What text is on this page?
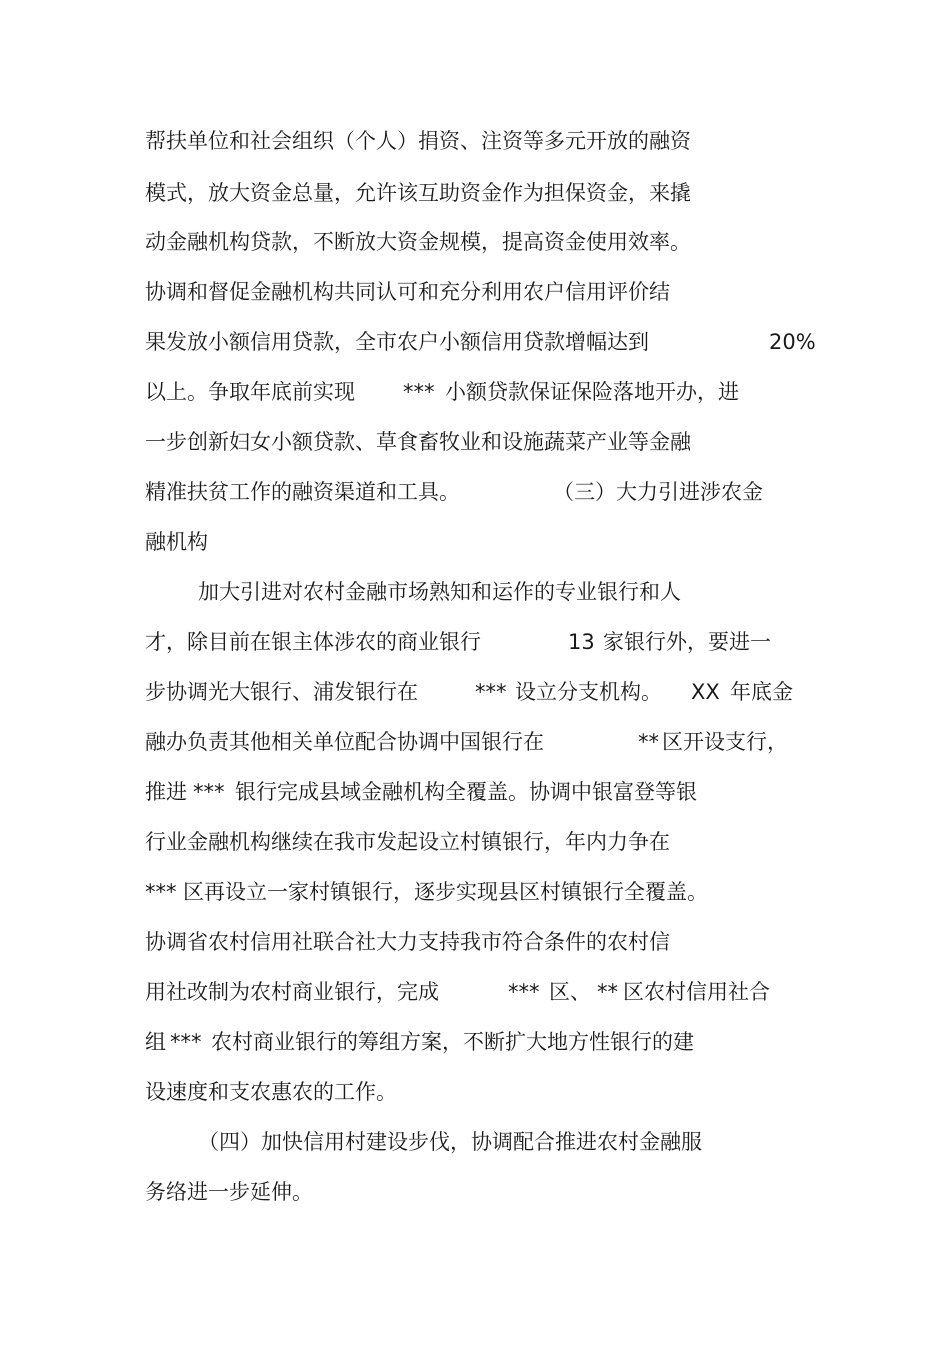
帮扶单位和社会组织（个人）捐资、注资等多元开放的融资

模式，放大资金总量，允许该互助资金作为担保资金，来撬

动金融机构贷款，不断放大资金规模，提高资金使用效率。

协调和督促金融机构共同认可和充分利用农户信用评价结

果发放小额信用贷款，全市农户小额信用贷款增幅达到

	20%

以上。争取年底前实现

***

小额贷款保证保险落地开办，进

一步创新妇女小额贷款、草食畜牧业和设施蔬菜产业等金融

精准扶贫工作的融资渠道和工具。

	（三）大力引进涉农金

融机构

加大引进对农村金融市场熟知和运作的专业银行和人

才，除目前在银主体涉农的商业银行

	13

家银行外，要进一

步协调光大银行、浦发银行在

	***

设立分支机构。

XX

年底金

融办负责其他相关单位配合协调中国银行在

	**

区开设支行，

推进

***

银行完成县域金融机构全覆盖。协调中银富登等银

行业金融机构继续在我市发起设立村镇银行，年内力争在

***

区再设立一家村镇银行，逐步实现县区村镇银行全覆盖。

协调省农村信用社联合社大力支持我市符合条件的农村信

用社改制为农村商业银行，完成

	***

区、

**

区农村信用社合

组

***

农村商业银行的筹组方案，不断扩大地方性银行的建

设速度和支农惠农的工作。

（四）加快信用村建设步伐，协调配合推进农村金融服

务络进一步延伸。
